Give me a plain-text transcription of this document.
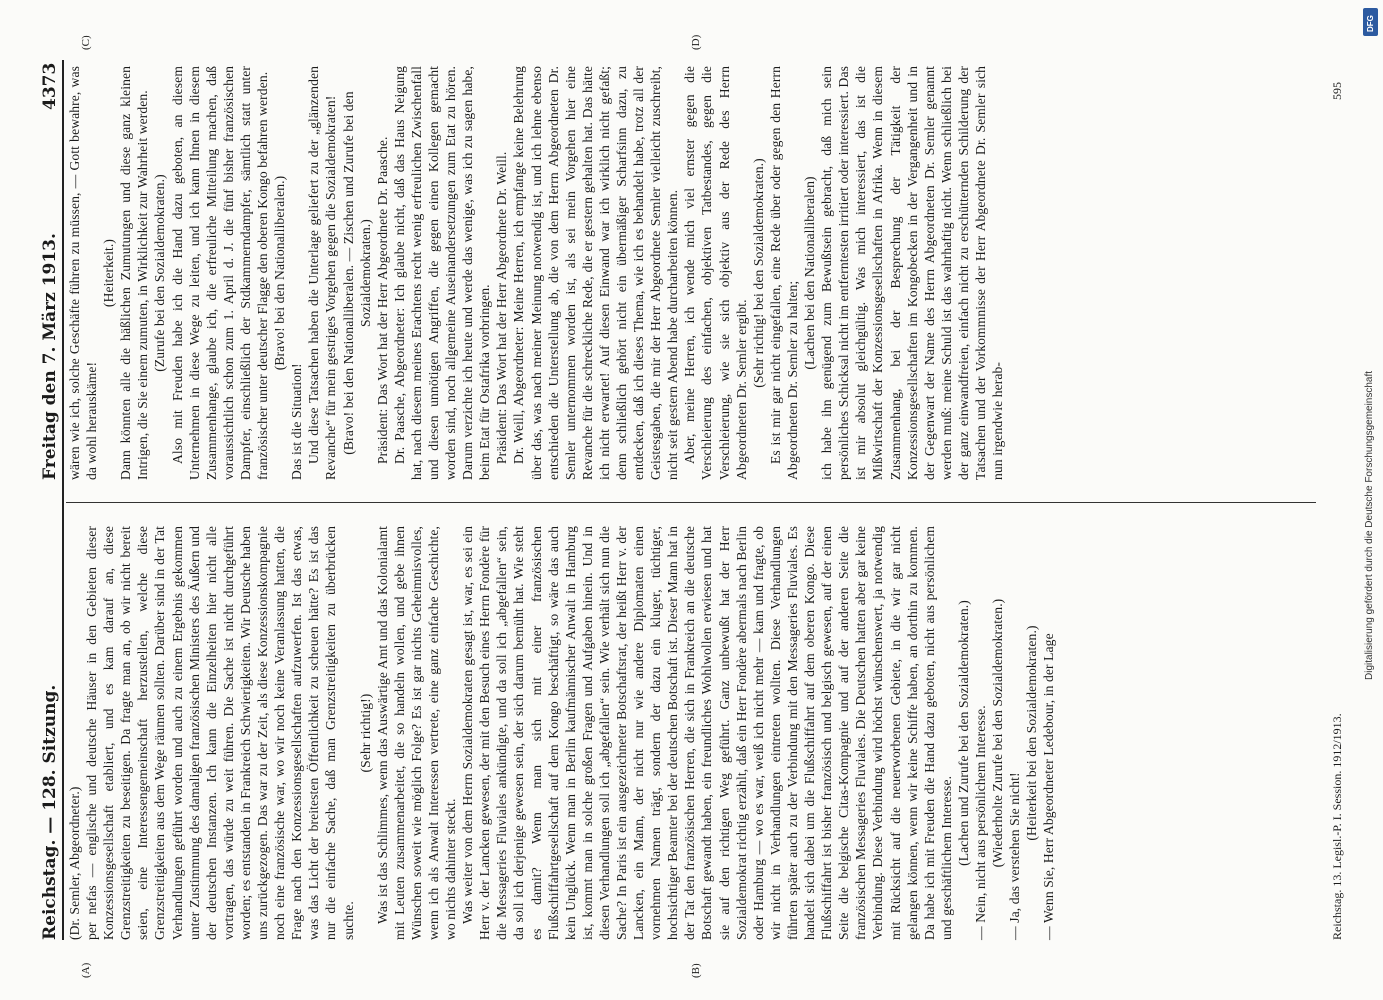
Reichstag. — 128. Sitzung.
Freitag den 7. März 1913.
4373
(A)	(B)
(C)	(D)

(Dr. Semler, Abgeordneter.) per nefas — englische und deutsche Häuser in den Gebieten dieser Konzessionsgesellschaft etabliert, und es kam darauf an, diese Grenzstreitigkeiten zu beseitigen. Da fragte man an, ob wir nicht bereit seien, eine Interessengemeinschaft herzustellen, welche diese Grenzstreitigkeiten aus dem Wege räumen sollten. Darüber sind in der Tat Verhandlungen geführt worden und auch zu einem Ergebnis gekommen unter Zustimmung des damaligen französischen Ministers des Äußern und der deutschen Instanzen. Ich kann die Einzelheiten hier nicht alle vortragen, das würde zu weit führen. Die Sache ist nicht durchgeführt worden; es entstanden in Frankreich Schwierigkeiten. Wir Deutsche haben uns zurückgezogen. Das war zu der Zeit, als diese Konzessionskompagnie noch eine französische war, wo wir noch keine Veranlassung hatten, die Frage nach den Konzessionsgesellschaften aufzuwerfen. Ist das etwas, was das Licht der breitesten Öffentlichkeit zu scheuen hätte? Es ist das nur die einfache Sache, daß man Grenzstreitigkeiten zu überbrücken suchte.

(Sehr richtig!) Was ist das Schlimmes, wenn das Auswärtige Amt und das Kolonialamt mit Leuten zusammenarbeitet, die so handeln wollen, und gebe ihnen Wünschen soweit wie möglich Folge? Es ist gar nichts Geheimnisvolles, wenn ich als Anwalt Interessen vertrete, eine ganz einfache Geschichte, wo nichts dahinter steckt. Was weiter von dem Herrn Sozialdemokraten gesagt ist, war, es sei ein Herr v. der Lancken gewesen, der mit den Besuch eines Herrn Fondère für die Messageries Fluviales ankündigte, und da soll ich „abgefallen“ sein, da soll ich derjenige gewesen sein, der sich darum bemüht hat. Wie steht es damit? Wenn man sich mit einer französischen Flußschiffahrtgesellschaft auf dem Kongo beschäftigt, so wäre das auch kein Unglück. Wenn man in Berlin kaufmännischer Anwalt in Hamburg ist, kommt man in solche großen Fragen und Aufgaben hinein. Und in diesen Verhandlungen soll ich „abgefallen“ sein. Wie verhält sich nun die Sache? In Paris ist ein ausgezeichneter Botschaftsrat, der heißt Herr v. der Lancken, ein Mann, der nicht nur wie andere Diplomaten einen vornehmen Namen trägt, sondern der dazu ein kluger, tüchtiger, hochsichtiger Beamter bei der deutschen Botschaft ist. Dieser Mann hat in der Tat den französischen Herren, die sich in Frankreich an die deutsche Botschaft gewandt haben, ein freundliches Wohlwollen erwiesen und hat sie auf den richtigen Weg geführt. Ganz unbewußt hat der Herr Sozialdemokrat richtig erzählt, daß ein Herr Fondère abermals nach Berlin oder Hamburg — wo es war, weiß ich nicht mehr — kam und fragte, ob wir nicht in Verhandlungen eintreten wollten. Diese Verhandlungen führten später auch zu der Verbindung mit den Messageries Fluviales. Es handelt sich dabei um die Flußschiffahrt auf dem oberen Kongo. Diese Flußschiffahrt ist bisher französisch und belgisch gewesen, auf der einen Seite die belgische Citas-Kompagnie und auf der anderen Seite die französischen Messageries Fluviales. Die Deutschen hatten aber gar keine Verbindung. Diese Verbindung wird höchst wünschenswert, ja notwendig mit Rücksicht auf die neuerworbenen Gebiete, in die wir gar nicht gelangen können, wenn wir keine Schiffe haben, an dorthin zu kommen. Da habe ich mit Freuden die Hand dazu geboten, nicht aus persönlichem und geschäftlichem Interesse. (Lachen und Zurufe bei den Sozialdemokraten.) — Nein, nicht aus persönlichem Interesse. (Wiederholte Zurufe bei den Sozialdemokraten.) — Ja, das verstehen Sie nicht!

(Heiterkeit bei den Sozialdemokraten.) — Wenn Sie, Herr Abgeordneter Ledebour, in der Lage

wären wie ich, solche Geschäfte führen zu müssen, — Gott bewahre, was da wohl herauskäme!

(Heiterkeit.) Dann könnten alle die häßlichen Zumutungen und diese ganz kleinen Intrigen, die Sie einem zumuten, in Wirklichkeit zur Wahrheit werden. (Zurufe bei den Sozialdemokraten.) Also mit Freuden habe ich die Hand dazu geboten, an diesem Unternehmen in diese Wege zu leiten, und ich kann Ihnen in diesem Zusammenhange, glaube ich, die erfreuliche Mitteilung machen, daß voraussichtlich schon zum 1. April d. J. die fünf bisher französischen Dampfer, einschließlich der Stdkammerndampfer, sämtlich statt unter französischer unter deutscher Flagge den oberen Kongo befahren werden. (Bravo! bei den Nationalliberalen.)

Das ist die Situation! Und diese Tatsachen haben die Unterlage geliefert zu der „glänzenden Revanche“ für mein gestriges Vorgehen gegen die Sozialdemokraten! (Bravo! bei den Nationalliberalen. — Zischen und Zurufe bei den Sozialdemokraten.) Präsident: Das Wort hat der Herr Abgeordnete Dr. Paasche. Dr. Paasche, Abgeordneter: Ich glaube nicht, daß das Haus Neigung hat, nach diesem meines Erachtens recht wenig erfreulichen Zwischenfall und diesen unnötigen Angriffen, die gegen einen Kollegen gemacht worden sind, noch allgemeine Auseinandersetzungen zum Etat zu hören. Darum verzichte ich heute und werde das wenige, was ich zu sagen habe, beim Etat für Ostafrika vorbringen. Präsident: Das Wort hat der Herr Abgeordnete Dr. Weill. Dr. Weill, Abgeordneter: Meine Herren, ich empfange keine Belehrung über das, was nach meiner Meinung notwendig ist, und ich lehne ebenso entschieden die Unterstellung ab, die von dem Herrn Abgeordneten Dr. Semler unternommen worden ist, als sei mein Vorgehen hier eine Revanche für die schreckliche Rede, die er gestern gehalten hat. Das hätte ich nicht erwartet! Auf diesen Einwand war ich wirklich nicht gefaßt; denn schließlich gehört nicht ein übermäßiger Scharfsinn dazu, zu entdecken, daß ich dieses Thema, wie ich es behandelt habe, trotz all der Geistesgaben, die mir der Herr Abgeordnete Semler vielleicht zuschreibt, nicht seit gestern Abend habe durcharbeiten können. Aber, meine Herren, ich wende mich viel ernster gegen die Verschleierung des einfachen, objektiven Tatbestandes, gegen die Verschleierung, wie sie sich objektiv aus der Rede des Herrn Abgeordneten Dr. Semler ergibt.

(Sehr richtig! bei den Sozialdemokraten.) Es ist mir gar nicht eingefallen, eine Rede über oder gegen den Herrn Abgeordneten Dr. Semler zu halten;

(Lachen bei den Nationalliberalen) ich habe ihn genügend zum Bewußtsein gebracht, daß mich sein persönliches Schicksal nicht im entferntesten irritiert oder interessiert. Das ist mir absolut gleichgültig. Was mich interessiert, das ist die Mißwirtschaft der Konzessionsgesellschaften in Afrika. Wenn in diesem Zusammenhang, bei der Besprechung der Tätigkeit der Konzessionsgesellschaften im Kongobecken in der Vergangenheit und in der Gegenwart der Name des Herrn Abgeordneten Dr. Semler genannt werden muß: meine Schuld ist das wahrhaftig nicht. Wenn schließlich bei der ganz einwandfreien, einfach nicht zu erschütternden Schilderung der Tatsachen und der Vorkommnisse der Herr Abgeordnete Dr. Semler sich nun irgendwie herab-

Reichstag. 13. Legisl.-P. I. Session. 1912/1913.
595
DFG
Digitalisierung gefördert durch die Deutsche Forschungsgemeinschaft
